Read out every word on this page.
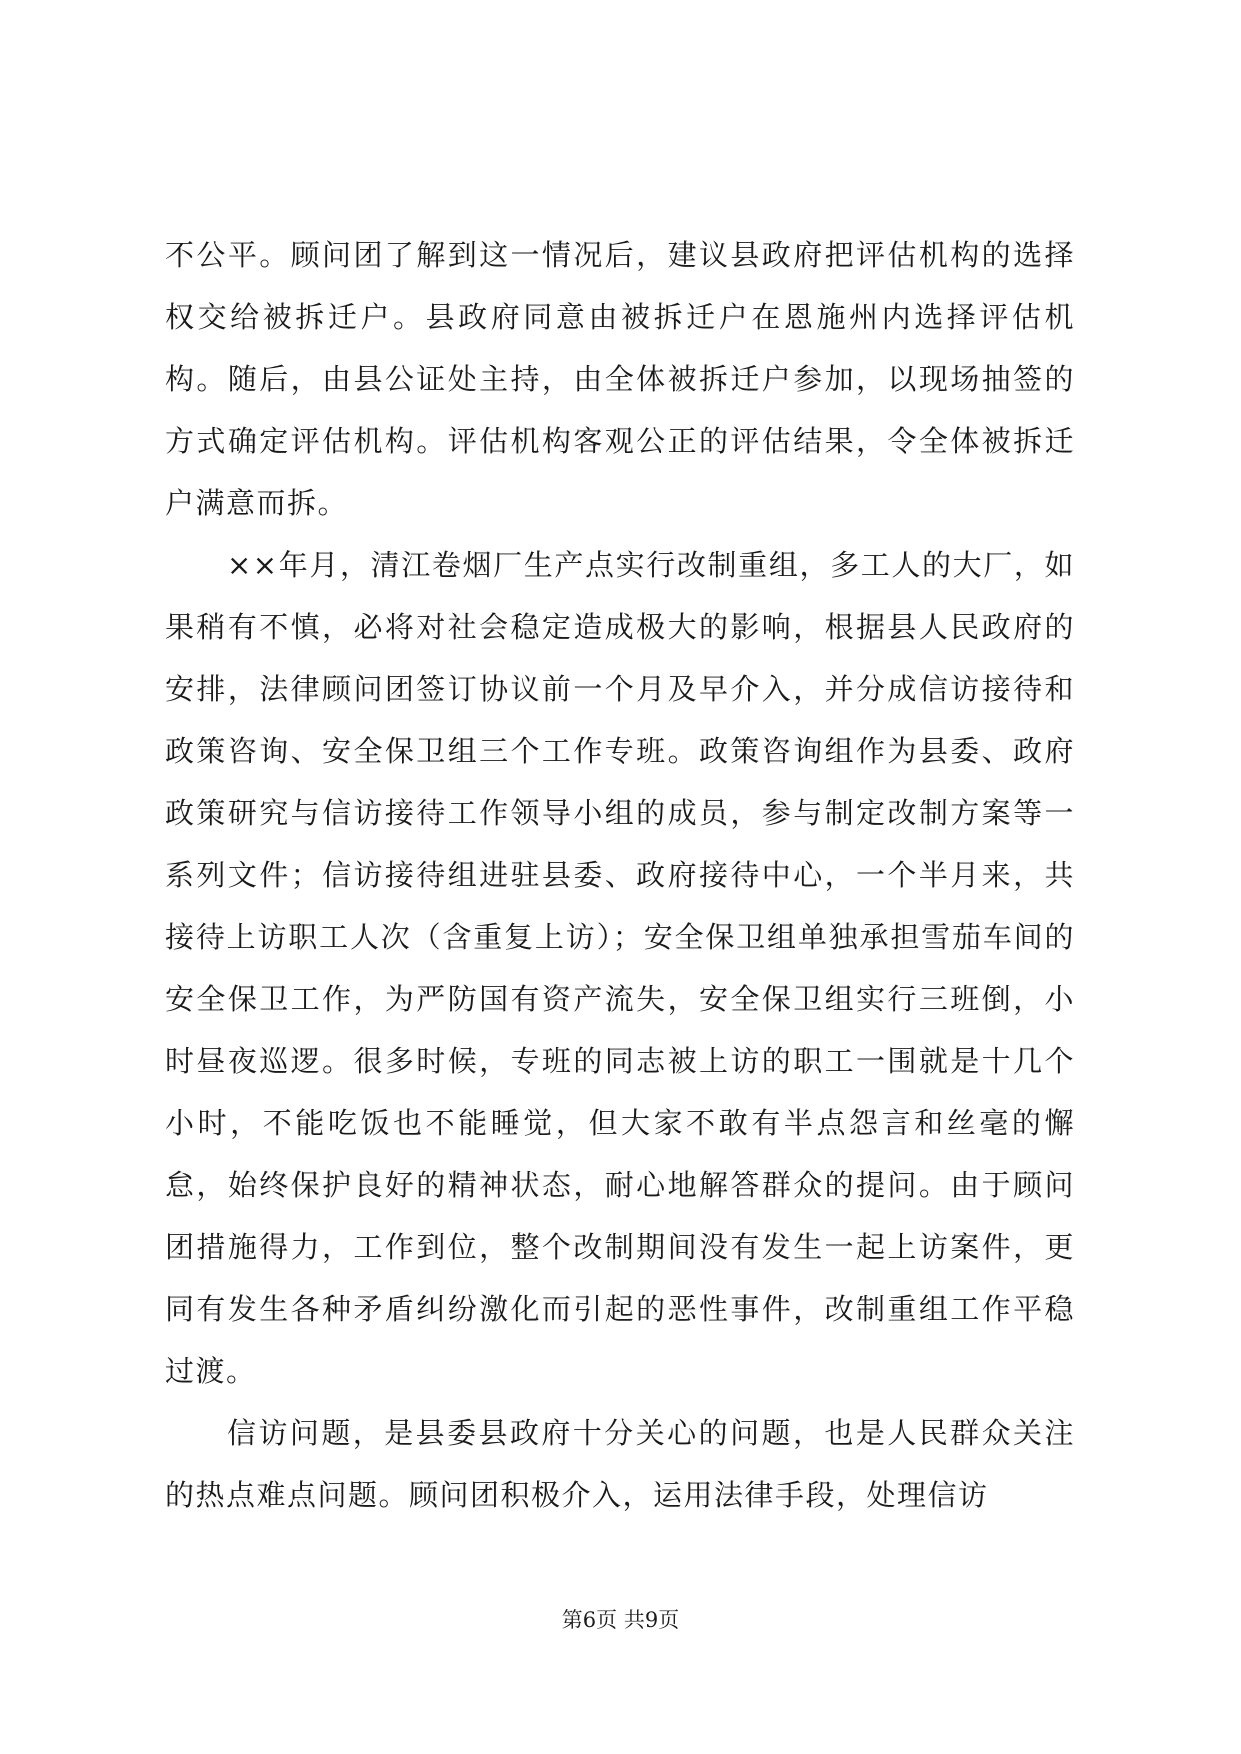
不公平。顾问团了解到这一情况后，建议县政府把评估机构的选择权交给被拆迁户。县政府同意由被拆迁户在恩施州内选择评估机构。随后，由县公证处主持，由全体被拆迁户参加，以现场抽签的方式确定评估机构。评估机构客观公正的评估结果，令全体被拆迁户满意而拆。

××年月，清江卷烟厂生产点实行改制重组，多工人的大厂，如果稍有不慎，必将对社会稳定造成极大的影响，根据县人民政府的安排，法律顾问团签订协议前一个月及早介入，并分成信访接待和政策咨询、安全保卫组三个工作专班。政策咨询组作为县委、政府政策研究与信访接待工作领导小组的成员，参与制定改制方案等一系列文件；信访接待组进驻县委、政府接待中心，一个半月来，共接待上访职工人次（含重复上访）；安全保卫组单独承担雪茄车间的安全保卫工作，为严防国有资产流失，安全保卫组实行三班倒，小时昼夜巡逻。很多时候，专班的同志被上访的职工一围就是十几个小时，不能吃饭也不能睡觉，但大家不敢有半点怨言和丝毫的懈怠，始终保护良好的精神状态，耐心地解答群众的提问。由于顾问团措施得力，工作到位，整个改制期间没有发生一起上访案件，更同有发生各种矛盾纠纷激化而引起的恶性事件，改制重组工作平稳过渡。

信访问题，是县委县政府十分关心的问题，也是人民群众关注的热点难点问题。顾问团积极介入，运用法律手段，处理信访

第6页 共9页
